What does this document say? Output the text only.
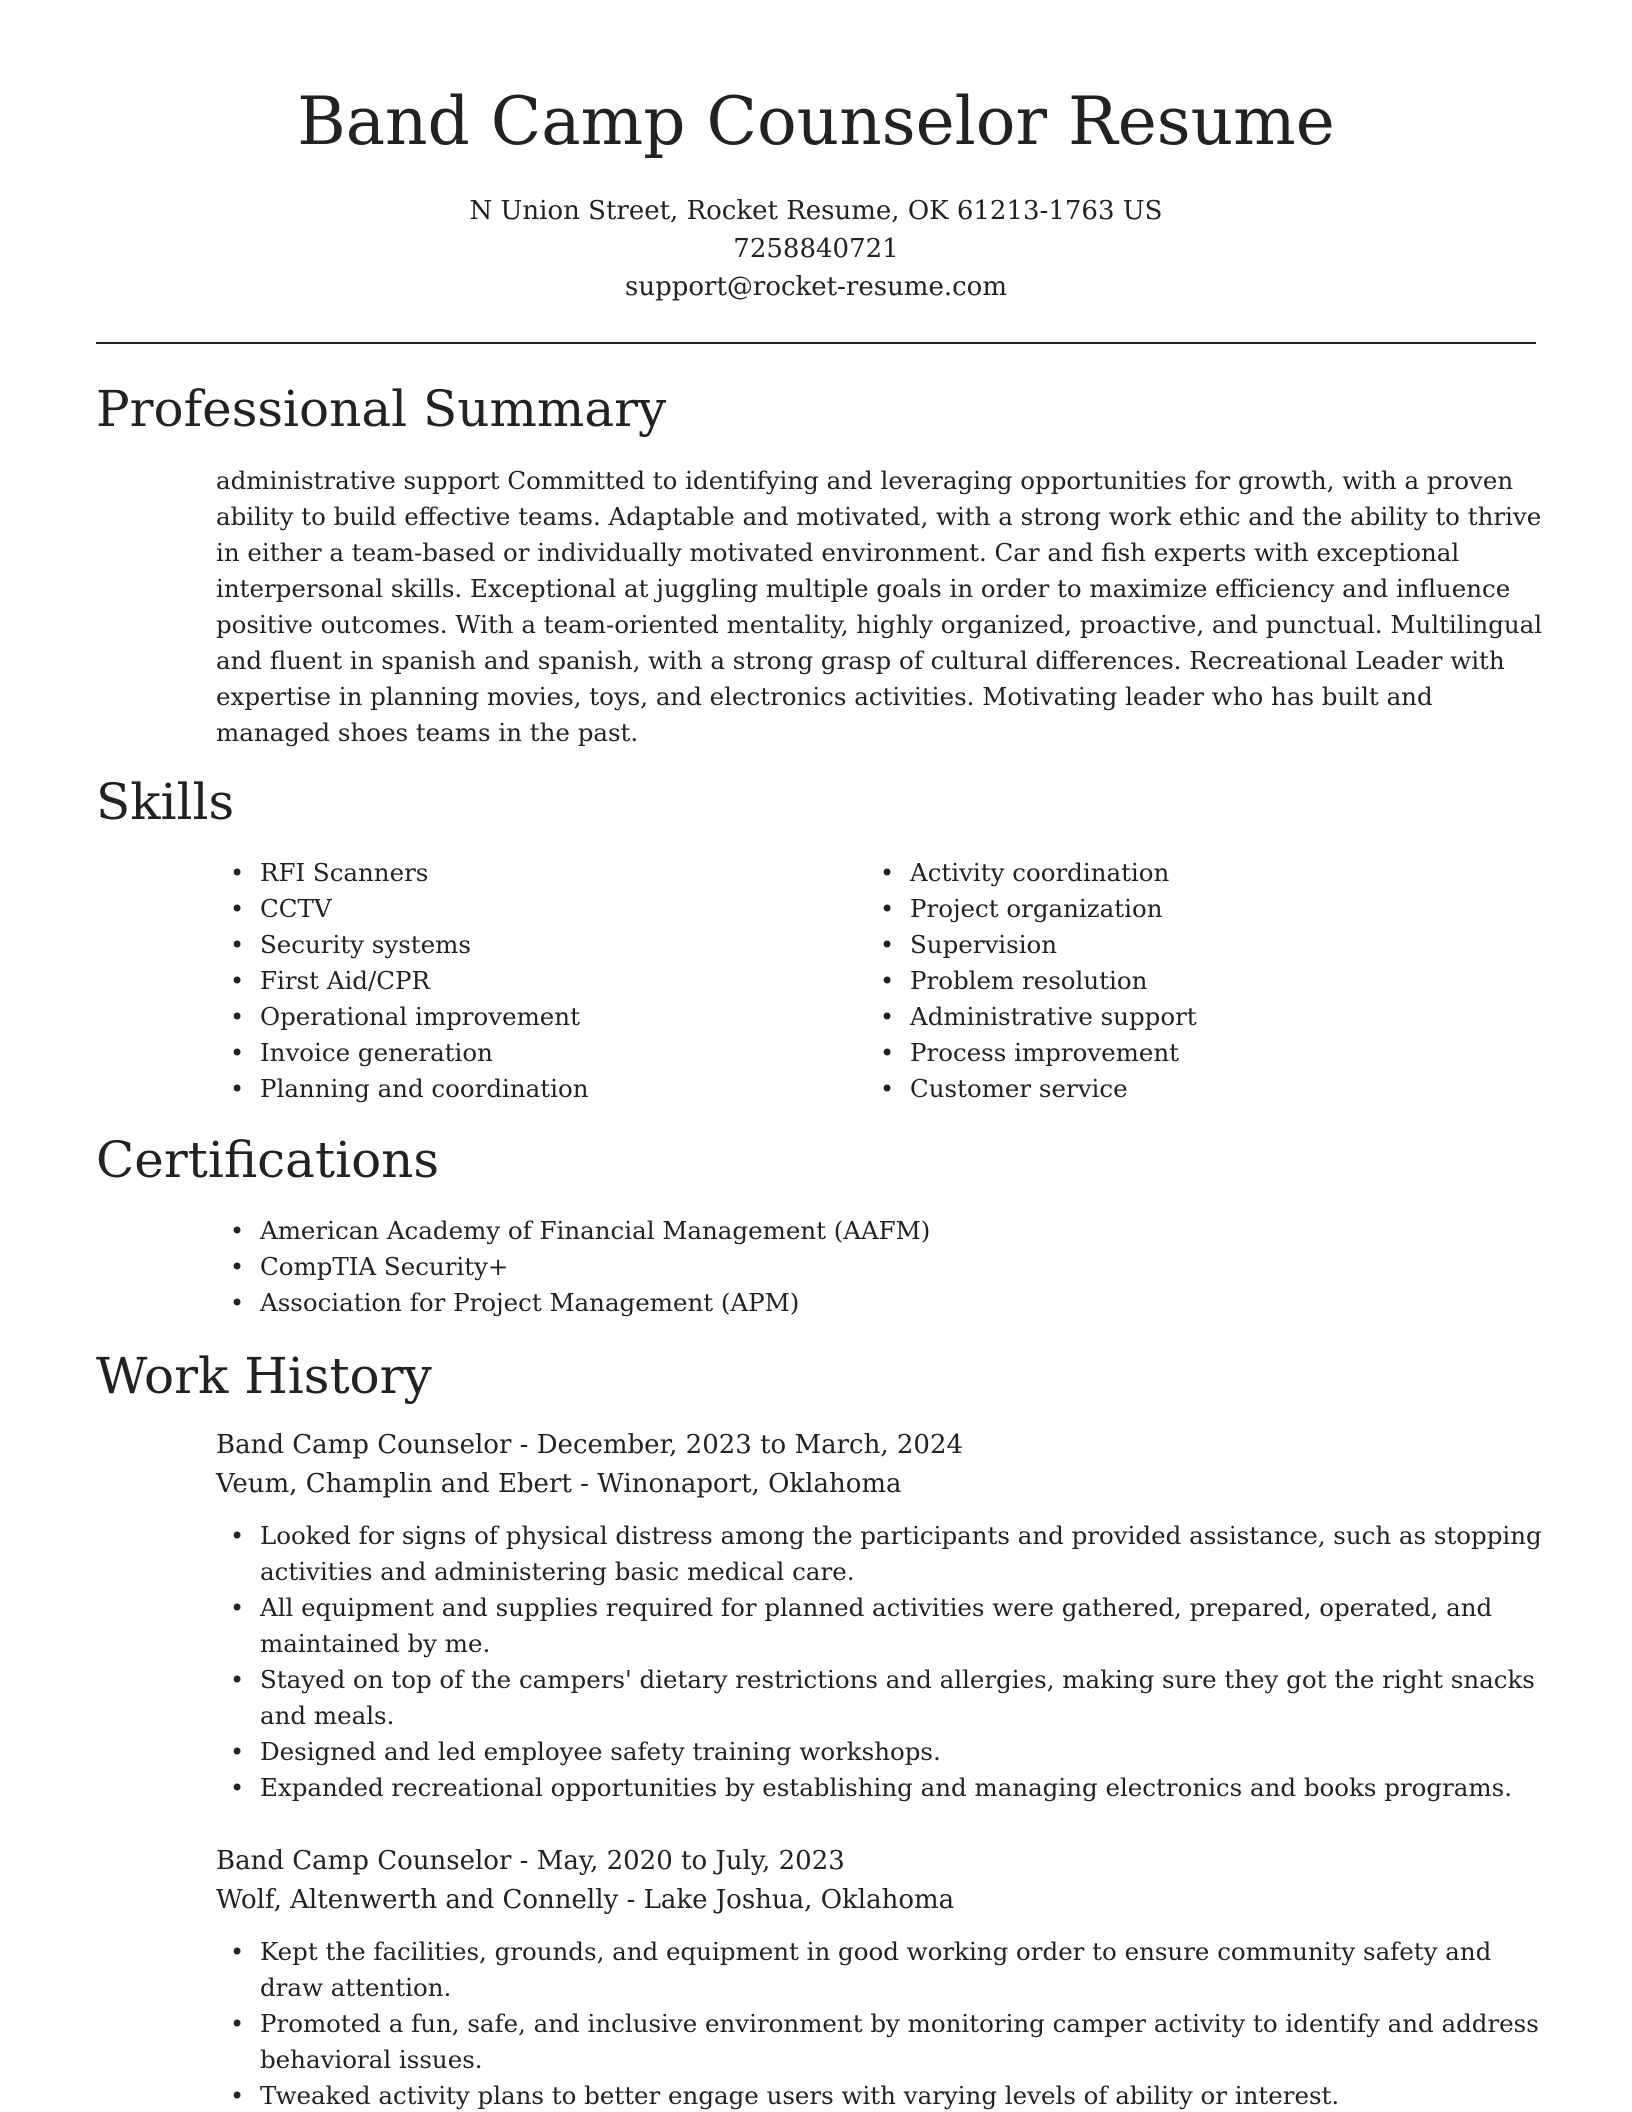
Band Camp Counselor Resume
N Union Street, Rocket Resume, OK 61213-1763 US
7258840721
support@rocket-resume.com
Professional Summary

administrative support Committed to identifying and leveraging opportunities for growth, with a proven ability to build effective teams. Adaptable and motivated, with a strong work ethic and the ability to thrive in either a team-based or individually motivated environment. Car and fish experts with exceptional interpersonal skills. Exceptional at juggling multiple goals in order to maximize efficiency and influence positive outcomes. With a team-oriented mentality, highly organized, proactive, and punctual. Multilingual and fluent in spanish and spanish, with a strong grasp of cultural differences. Recreational Leader with expertise in planning movies, toys, and electronics activities. Motivating leader who has built and managed shoes teams in the past.

Skills
• RFI Scanners
• CCTV
• Security systems
• First Aid/CPR
• Operational improvement
• Invoice generation
• Planning and coordination
• Activity coordination
• Project organization
• Supervision
• Problem resolution
• Administrative support
• Process improvement
• Customer service
Certifications
• American Academy of Financial Management (AAFM)
• CompTIA Security+
• Association for Project Management (APM)
Work History
Band Camp Counselor - December, 2023 to March, 2024
Veum, Champlin and Ebert - Winonaport, Oklahoma
• Looked for signs of physical distress among the participants and provided assistance, such as stopping activities and administering basic medical care.
• All equipment and supplies required for planned activities were gathered, prepared, operated, and maintained by me.
• Stayed on top of the campers' dietary restrictions and allergies, making sure they got the right snacks and meals.
• Designed and led employee safety training workshops.
• Expanded recreational opportunities by establishing and managing electronics and books programs.
Band Camp Counselor - May, 2020 to July, 2023
Wolf, Altenwerth and Connelly - Lake Joshua, Oklahoma
• Kept the facilities, grounds, and equipment in good working order to ensure community safety and draw attention.
• Promoted a fun, safe, and inclusive environment by monitoring camper activity to identify and address behavioral issues.
• Tweaked activity plans to better engage users with varying levels of ability or interest.
